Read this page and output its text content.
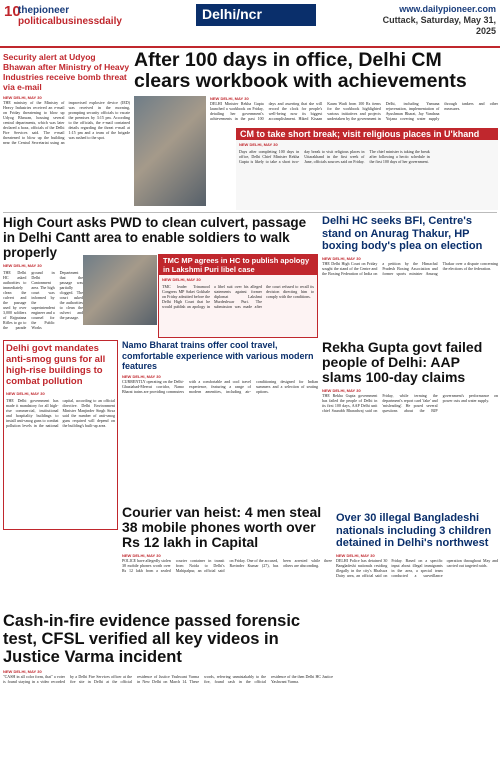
10
thepioneer
politicalbusinessdaily	Delhi/ncr	www.dailypioneer.com
Cuttack, Saturday, May 31, 2025
Security alert at Udyog Bhawan after Ministry of Heavy Industries receive bomb threat via e-mail
NEW DELHI, MAY 30
THE ministry of the Ministry of Heavy Industries received an e-mail on Friday threatening to blow up Udyog Bhawan, housing several central departments, which was later declared a hoax, officials of the Delhi Fire Services said. The e-mail threatened to blow up the building near the Central Secretariat using an improvised explosive device (IED) was received in the morning, prompting security officials to vacate the premises by 3:15 pm. According to the officials, the e-mail contained details regarding the threat e-mail at 1:15 pm and a team of the brigade was rushed to the spot.
After 100 days in office, Delhi CM clears workbook with achievements
NEW DELHI, MAY 30
DELHI Minister Rekha Gupta launched a workbook on Friday, detailing her government's achievements in the past 100 days and asserting that she will record the clock for people's well-being now its biggest accomplishment. Hiked Kisaan Kaam Wadi from 100 Rs items for the workbook highlighted various initiatives and projects undertaken by the government in Delhi, including Yamuna rejuvenation, implementation of Ayushman Bharat, Jay Vandana Yojana covering water supply through tankers and other measures.
CM to take short break; visit religious places in U'khand
NEW DELHI, MAY 30
Days after completing 100 days in office, Delhi Chief Minister Rekha Gupta is likely to take a short two-day break to visit religious places in Uttarakhand in the first week of June, officials sources said on Friday. The chief minister is taking the break after following a hectic schedule in the first 100 days of her government.
High Court asks PWD to clean culvert, passage in Delhi Cantt area to enable soldiers to walk properly
NEW DELHI, MAY 30
THE Delhi HC asked authorities to immediately clean the culvert and the passage used by over 3,000 soldiers of Rajputana Rifles to go to the parade ground in Delhi Cantonment area. The high court was informed by the superintendent engineer and a counsel for the Public Works Department that the passage was partially clogged. The court asked the authorities to clean the culvert and the passage.
TMC MP agrees in HC to publish apology in Lakshmi Puri libel case
NEW DELHI, MAY 30
TMC leader Trinamool Congress MP Saket Gokhale on Friday admitted before the Delhi High Court that he would publish an apology in a libel suit over his alleged statements against former diplomat Lakshmi Murdeshwar Puri. The submission was made after the court refused to recall its decision directing him to comply with the conditions.
Delhi HC seeks BFI, Centre's stand on Anurag Thakur, HP boxing body's plea on election
NEW DELHI, MAY 30
THE Delhi High Court on Friday sought the stand of the Centre and the Boxing Federation of India on a petition by the Himachal Pradesh Boxing Association and former sports minister Anurag Thakur over a dispute concerning the elections of the federation.
Delhi govt mandates anti-smog guns for all high-rise buildings to combat pollution
NEW DELHI, MAY 30
THE Delhi government has made it mandatory for all high-rise commercial, institutional and hospitality buildings to install anti-smog guns to combat pollution levels in the national capital, according to an official directive. Delhi Environment Minister Manjinder Singh Sirsa said the number of anti-smog guns required will depend on the building's built-up area.
Namo Bharat trains offer cool travel, comfortable experience with various modern features
NEW DELHI, MAY 30
CURRENTLY operating on the Delhi-Ghaziabad-Meerut corridor, Namo Bharat trains are providing commuters with a comfortable and cool travel experience, featuring a range of modern amenities, including air-conditioning designed for Indian summers and a selection of seating options.
Rekha Gupta govt failed people of Delhi: AAP slams 100-day claims
NEW DELHI, MAY 30
THE Rekha Gupta government has failed the people of Delhi in its first 100 days, AAP Delhi unit chief Saurabh Bharadwaj said on Friday, while terming the department's report card 'fake' and 'misleading'. He posed several questions about the BJP government's performance on power cuts and water supply.
Courier van heist: 4 men steal 38 mobile phones worth over Rs 12 lakh in Capital
NEW DELHI, MAY 30
POLICE have allegedly stolen 38 mobile phones worth over Rs 12 lakh from a sealed courier container in transit from Noida to Delhi's Mahipalpur, an official said on Friday. One of the accused, Ravinder Kumar (27), has been arrested while three others are absconding.
Cash-in-fire evidence passed forensic test, CFSL verified all key videos in Justice Varma incident
NEW DELHI, MAY 30
"CASH in all color form, that" a voter is found staying in a video recorded by a Delhi Fire Services officer at the fire site in Delhi at the official residence of Justice Yashwant Varma in New Delhi on March 14. These words, referring unmistakably to the fire, found cash in the official residence of the then Delhi HC Justice Yashwant Varma.
Over 30 illegal Bangladeshi nationals including 3 children detained in Delhi's northwest
NEW DELHI, MAY 30
DELHI Police has detained 30 Bangladeshi nationals residing illegally in the city's Bhalswa Dairy area, an official said on Friday. Based on a specific input about illegal immigrants in the area, a special team conducted a surveillance operation throughout May and carried out targeted raids.
